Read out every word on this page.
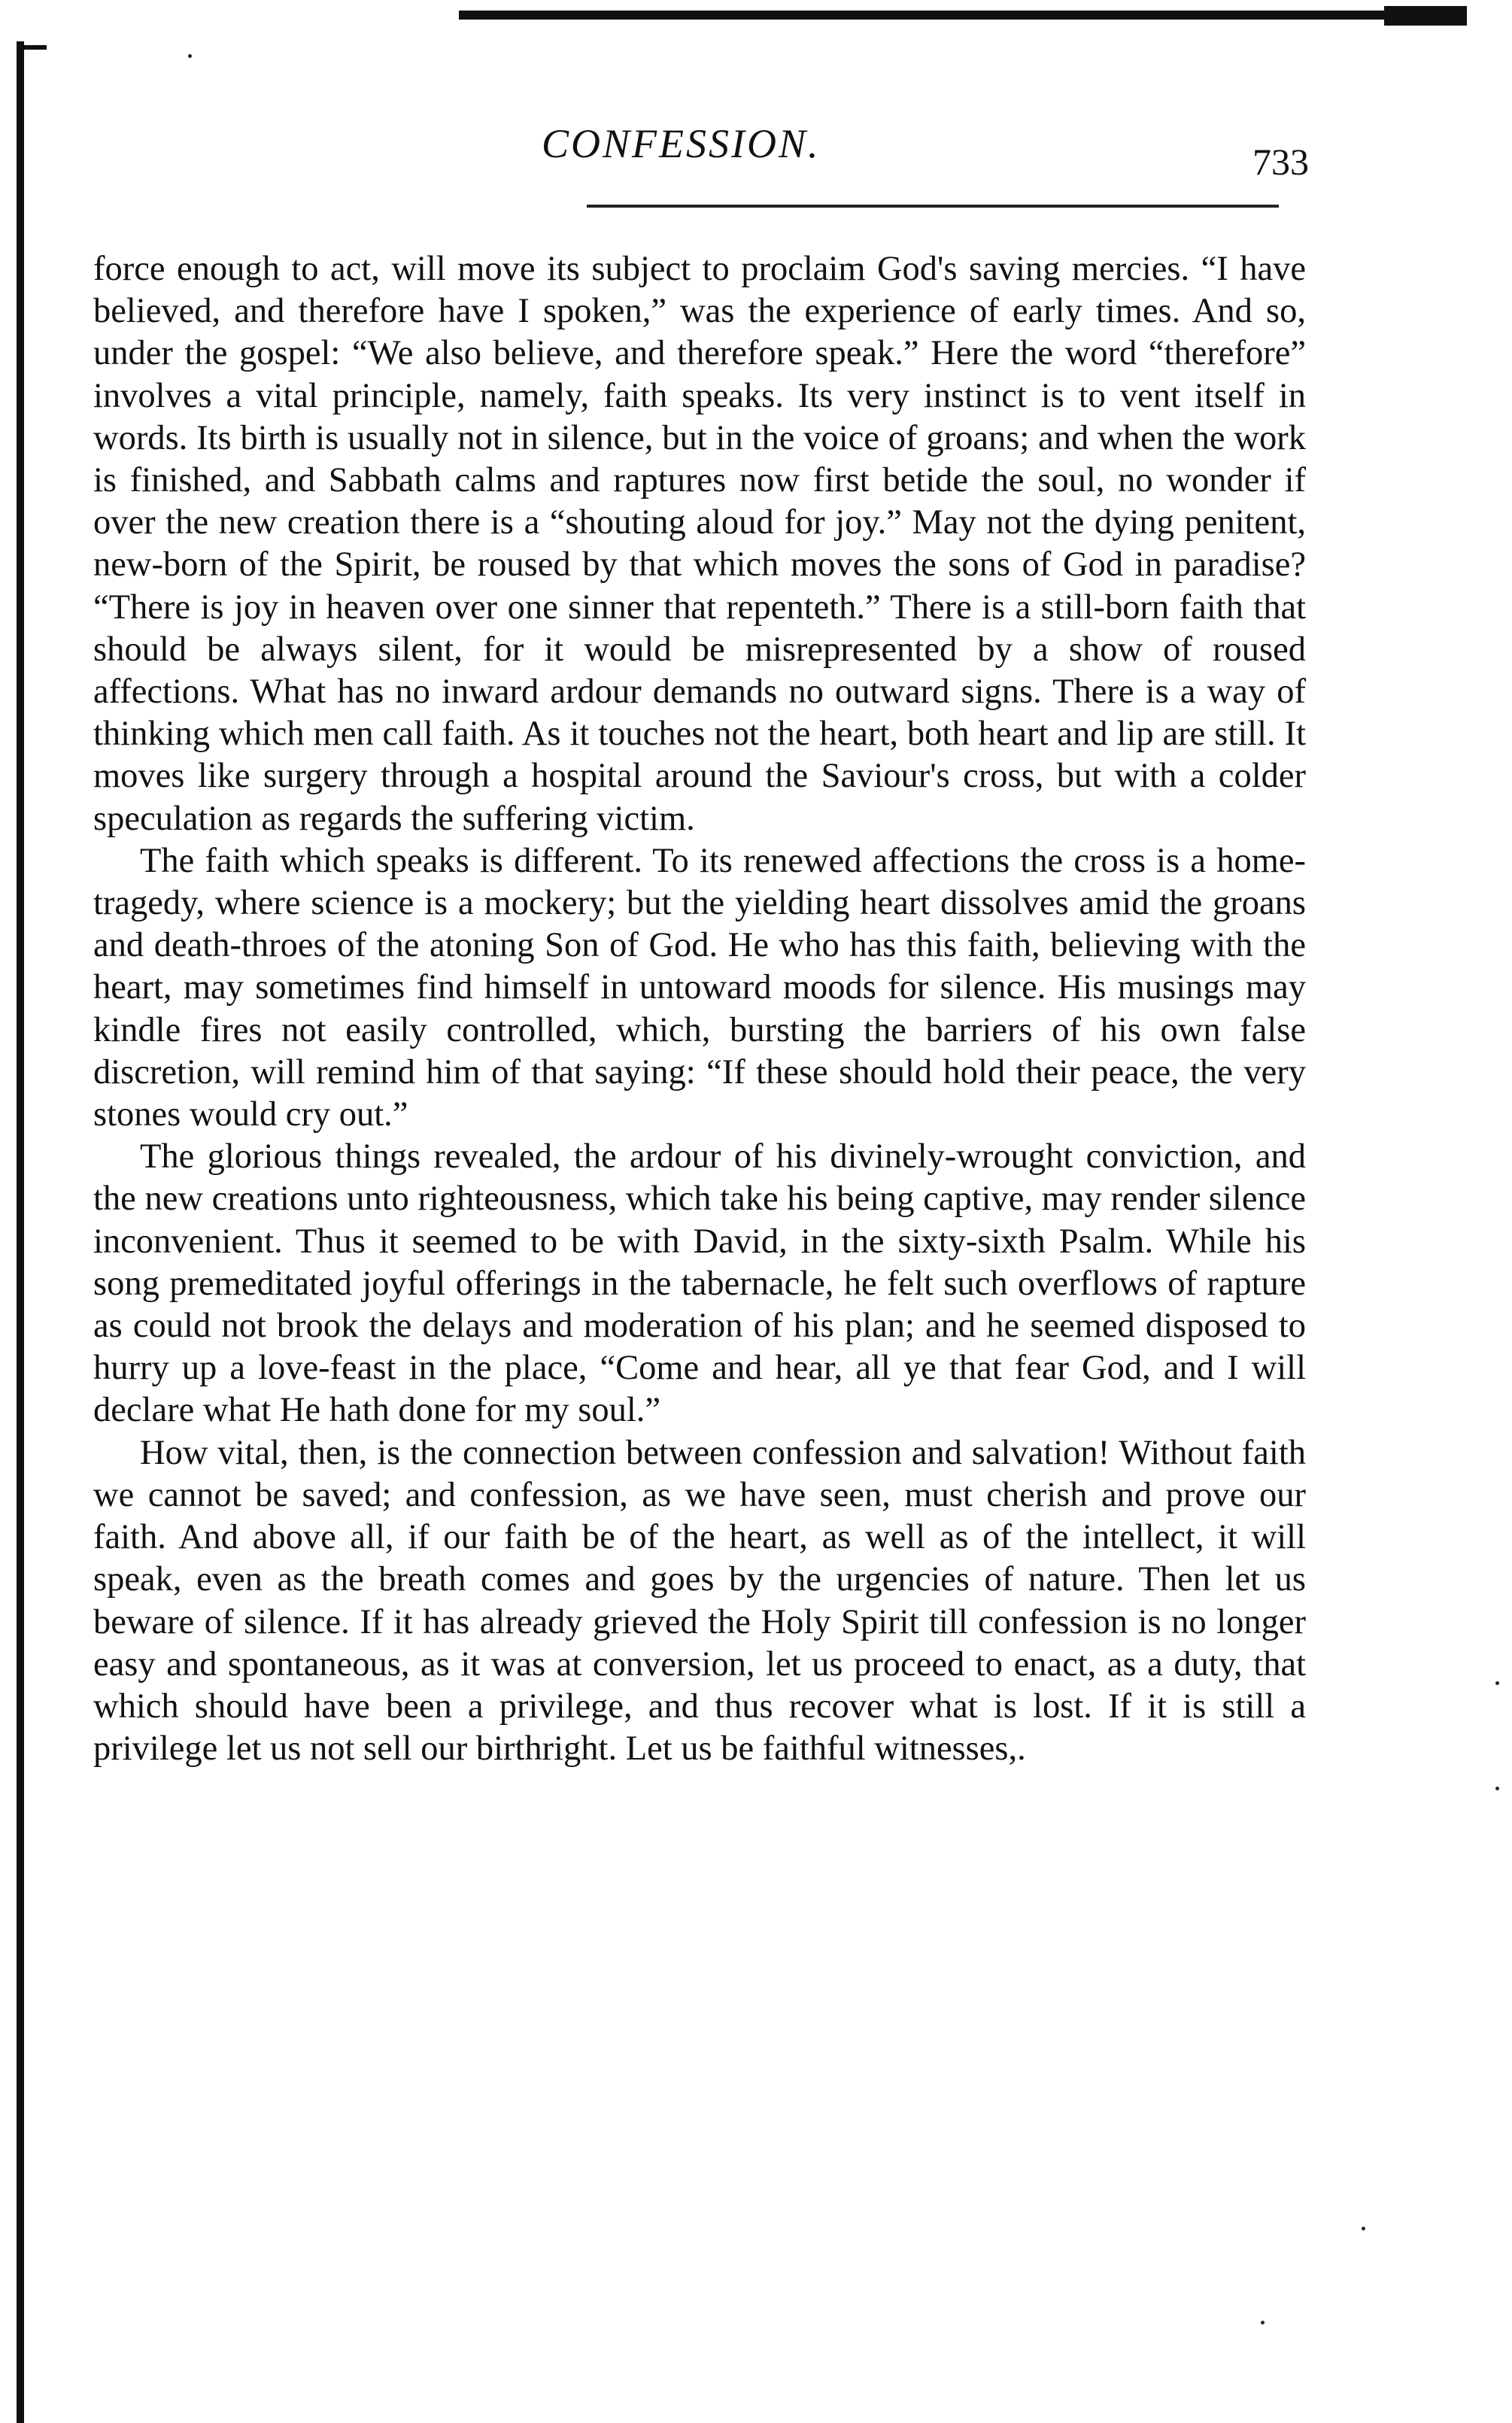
CONFESSION.	733

force enough to act, will move its subject to proclaim God's saving mercies. “I have believed, and therefore have I spoken,” was the experience of early times. And so, under the gospel: “We also believe, and therefore speak.” Here the word “therefore” involves a vital principle, namely, faith speaks. Its very instinct is to vent itself in words. Its birth is usually not in silence, but in the voice of groans; and when the work is finished, and Sabbath calms and raptures now first betide the soul, no wonder if over the new creation there is a “shouting aloud for joy.” May not the dying penitent, new-born of the Spirit, be roused by that which moves the sons of God in paradise? “There is joy in heaven over one sinner that repenteth.” There is a still-born faith that should be always silent, for it would be misrepresented by a show of roused affections. What has no inward ardour demands no outward signs. There is a way of thinking which men call faith. As it touches not the heart, both heart and lip are still. It moves like surgery through a hospital around the Saviour's cross, but with a colder speculation as regards the suffering victim.

The faith which speaks is different. To its renewed affections the cross is a home-tragedy, where science is a mockery; but the yielding heart dissolves amid the groans and death-throes of the atoning Son of God. He who has this faith, believing with the heart, may sometimes find himself in untoward moods for silence. His musings may kindle fires not easily controlled, which, bursting the barriers of his own false discretion, will remind him of that saying: “If these should hold their peace, the very stones would cry out.”

The glorious things revealed, the ardour of his divinely-wrought conviction, and the new creations unto righteousness, which take his being captive, may render silence inconvenient. Thus it seemed to be with David, in the sixty-sixth Psalm. While his song premeditated joyful offerings in the tabernacle, he felt such overflows of rapture as could not brook the delays and moderation of his plan; and he seemed disposed to hurry up a love-feast in the place, “Come and hear, all ye that fear God, and I will declare what He hath done for my soul.”

How vital, then, is the connection between confession and salvation! Without faith we cannot be saved; and confession, as we have seen, must cherish and prove our faith. And above all, if our faith be of the heart, as well as of the intellect, it will speak, even as the breath comes and goes by the urgencies of nature. Then let us beware of silence. If it has already grieved the Holy Spirit till confession is no longer easy and spontaneous, as it was at conversion, let us proceed to enact, as a duty, that which should have been a privilege, and thus recover what is lost. If it is still a privilege let us not sell our birthright. Let us be faithful witnesses,.
